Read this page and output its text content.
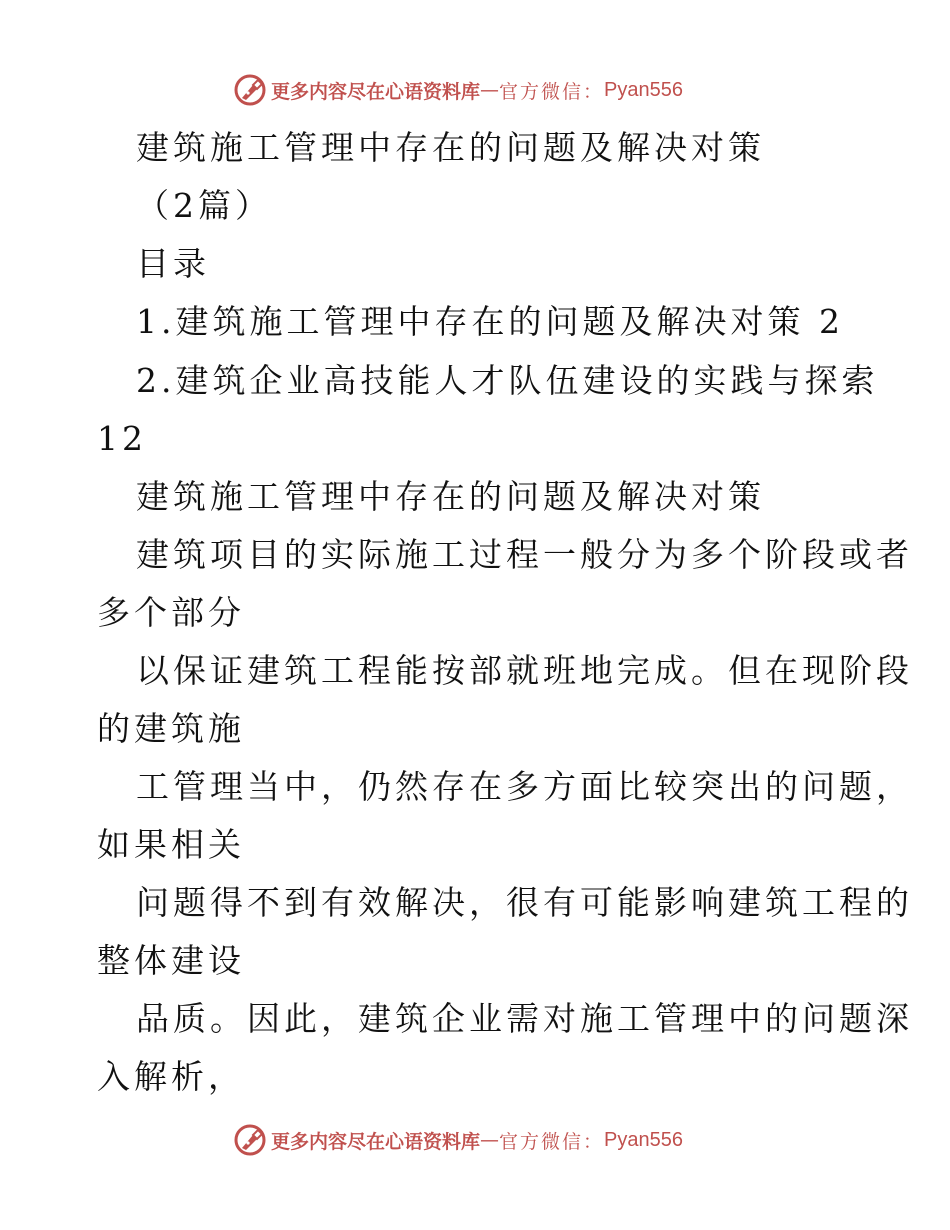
更多内容尽在心语资料库 — 官方微信： Pyan556
建筑施工管理中存在的问题及解决对策
（2篇）
目录
1.建筑施工管理中存在的问题及解决对策 2
2.建筑企业高技能人才队伍建设的实践与探索
12
建筑施工管理中存在的问题及解决对策
建筑项目的实际施工过程一般分为多个阶段或者
多个部分
以保证建筑工程能按部就班地完成。但在现阶段
的建筑施
工管理当中，仍然存在多方面比较突出的问题，
如果相关
问题得不到有效解决，很有可能影响建筑工程的
整体建设
品质。因此，建筑企业需对施工管理中的问题深
入解析，
更多内容尽在心语资料库 — 官方微信： Pyan556
